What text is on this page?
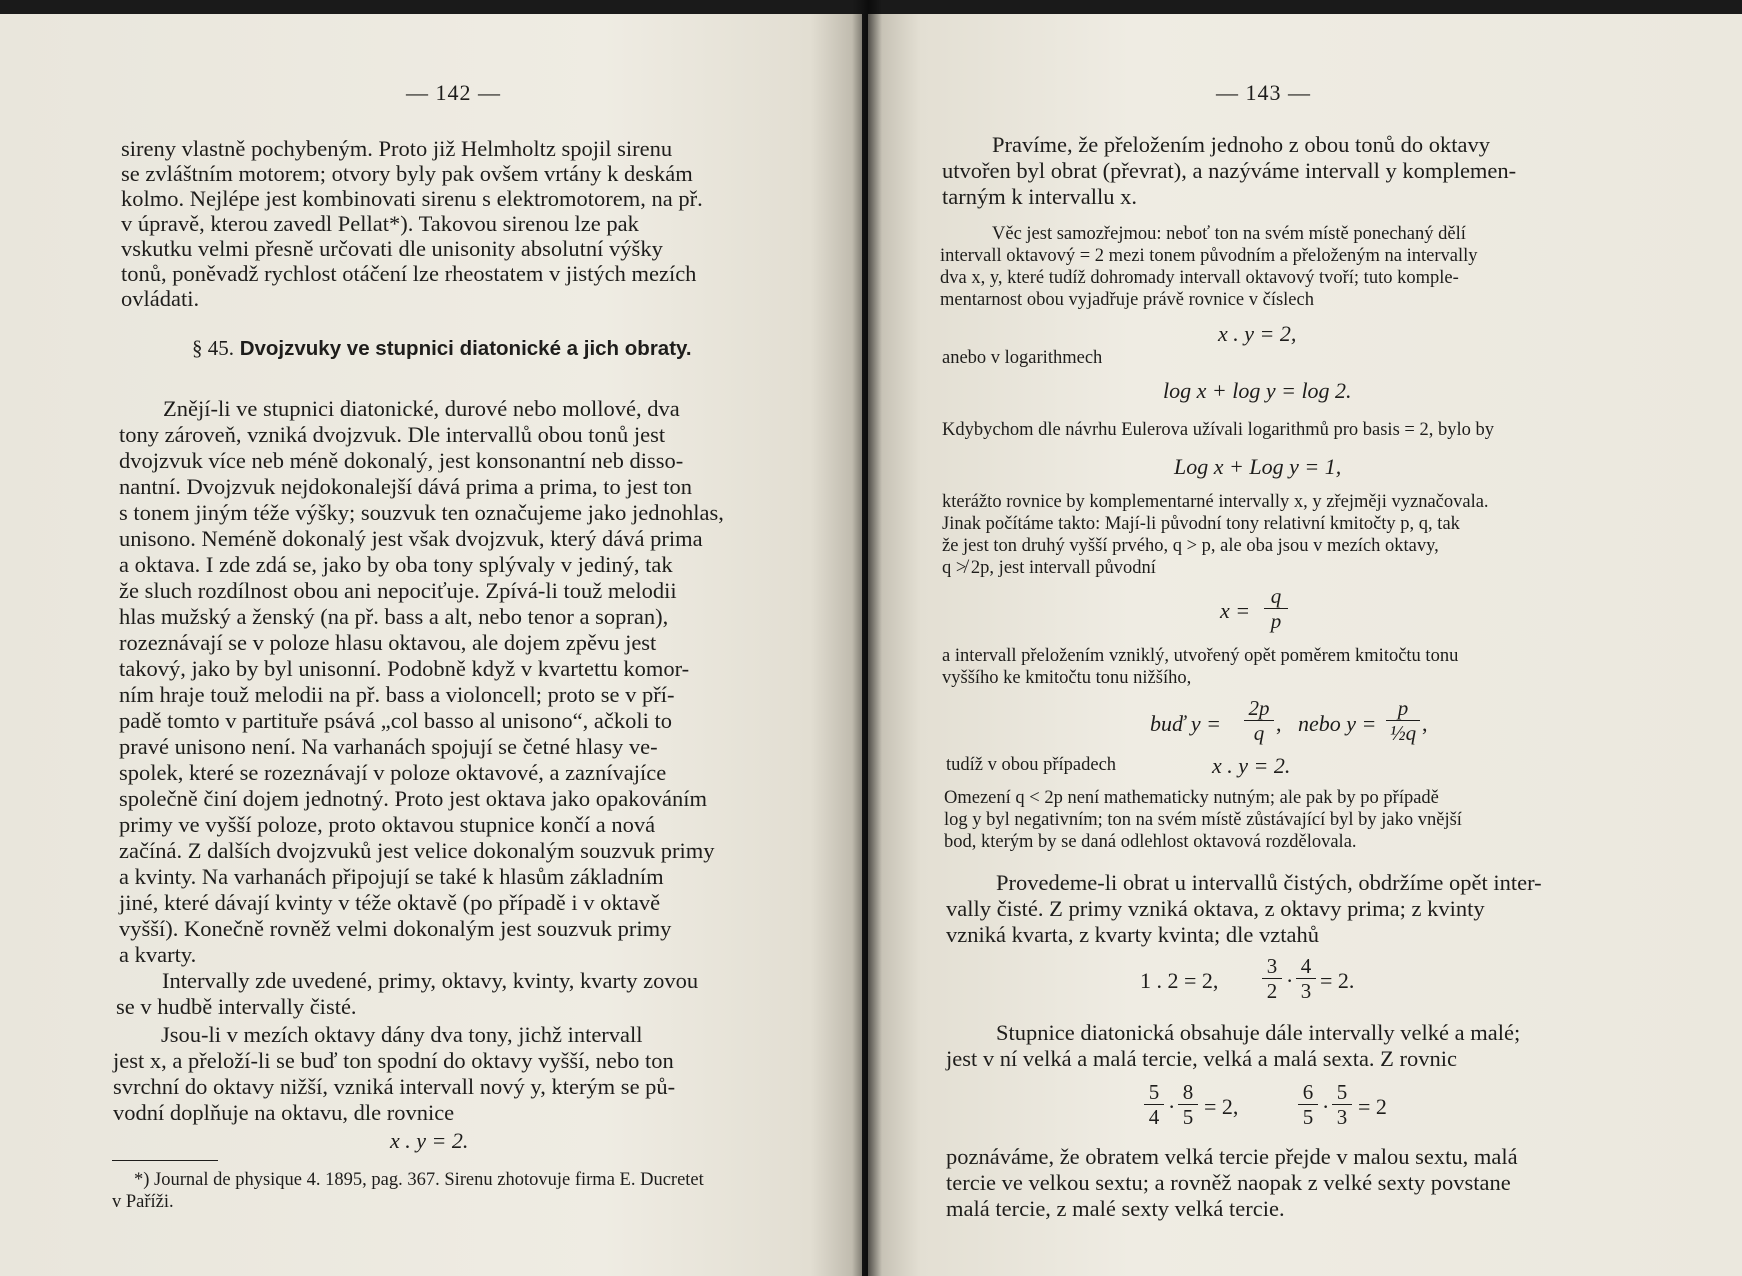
— 142 —
sireny vlastně pochybeným. Proto již Helmholtz spojil sirenu
se zvláštním motorem; otvory byly pak ovšem vrtány k deskám
kolmo. Nejlépe jest kombinovati sirenu s elektromotorem, na př.
v úpravě, kterou zavedl Pellat*). Takovou sirenou lze pak
vskutku velmi přesně určovati dle unisonity absolutní výšky
tonů, poněvadž rychlost otáčení lze rheostatem v jistých mezích
ovládati.
§ 45. Dvojzvuky ve stupnici diatonické a jich obraty.
Znějí-li ve stupnici diatonické, durové nebo mollové, dva
tony zároveň, vzniká dvojzvuk. Dle intervallů obou tonů jest
dvojzvuk více neb méně dokonalý, jest konsonantní neb disso-
nantní. Dvojzvuk nejdokonalejší dává prima a prima, to jest ton
s tonem jiným téže výšky; souzvuk ten označujeme jako jednohlas,
unisono. Neméně dokonalý jest však dvojzvuk, který dává prima
a oktava. I zde zdá se, jako by oba tony splývaly v jediný, tak
že sluch rozdílnost obou ani nepociťuje. Zpívá-li touž melodii
hlas mužský a ženský (na př. bass a alt, nebo tenor a sopran),
rozeznávají se v poloze hlasu oktavou, ale dojem zpěvu jest
takový, jako by byl unisonní. Podobně když v kvartettu komor-
ním hraje touž melodii na př. bass a violoncell; proto se v pří-
padě tomto v partituře psává „col basso al unisono“, ačkoli to
pravé unisono není. Na varhanách spojují se četné hlasy ve-
spolek, které se rozeznávají v poloze oktavové, a zaznívajíce
společně činí dojem jednotný. Proto jest oktava jako opakováním
primy ve vyšší poloze, proto oktavou stupnice končí a nová
začíná. Z dalších dvojzvuků jest velice dokonalým souzvuk primy
a kvinty. Na varhanách připojují se také k hlasům základním
jiné, které dávají kvinty v téže oktavě (po případě i v oktavě
vyšší). Konečně rovněž velmi dokonalým jest souzvuk primy
a kvarty.
Intervally zde uvedené, primy, oktavy, kvinty, kvarty zovou
se v hudbě intervally čisté.
Jsou-li v mezích oktavy dány dva tony, jichž intervall
jest x, a přeloží-li se buď ton spodní do oktavy vyšší, nebo ton
svrchní do oktavy nižší, vzniká intervall nový y, kterým se pů-
vodní doplňuje na oktavu, dle rovnice
x . y = 2.
*) Journal de physique 4. 1895, pag. 367. Sirenu zhotovuje firma E. Ducretet
v Paříži.
— 143 —
Pravíme, že přeložením jednoho z obou tonů do oktavy
utvořen byl obrat (převrat), a nazýváme intervall y komplemen-
tarným k intervallu x.
Věc jest samozřejmou: neboť ton na svém místě ponechaný dělí
intervall oktavový = 2 mezi tonem původním a přeloženým na intervally
dva x, y, které tudíž dohromady intervall oktavový tvoří; tuto komple-
mentarnost obou vyjadřuje právě rovnice v číslech
x . y = 2,
anebo v logarithmech
log x + log y = log 2.
Kdybychom dle návrhu Eulerova užívali logarithmů pro basis = 2, bylo by
Log x + Log y = 1,
kterážto rovnice by komplementarné intervally x, y zřejměji vyznačovala.
Jinak počítáme takto: Mají-li původní tony relativní kmitočty p, q, tak
že jest ton druhý vyšší prvého, q > p, ale oba jsou v mezích oktavy,
q ≯ 2p, jest intervall původní
$x = \frac{q}{p}$
a intervall přeložením vzniklý, utvořený opět poměrem kmitočtu tonu
vyššího ke kmitočtu tonu nižšího,
buď $y = \frac{2p}{q}$ , nebo $y = \frac{p}{\text{½q}}$ ,
tudíž v obou případech	x . y = 2.
Omezení q < 2p není mathematicky nutným; ale pak by po případě
log y byl negativním; ton na svém místě zůstávající byl by jako vnější
bod, kterým by se daná odlehlost oktavová rozdělovala.
Provedeme-li obrat u intervallů čistých, obdržíme opět inter-
vally čisté. Z primy vzniká oktava, z oktavy prima; z kvinty
vzniká kvarta, z kvarty kvinta; dle vztahů
1 . 2 = 2, $\frac{3}{2} \cdot \frac{4}{3} = 2$.
Stupnice diatonická obsahuje dále intervally velké a malé;
jest v ní velká a malá tercie, velká a malá sexta. Z rovnic
$\frac{5}{4} \cdot \frac{8}{5} = 2$,	$\frac{6}{5} \cdot \frac{5}{3} = 2$
poznáváme, že obratem velká tercie přejde v malou sextu, malá
tercie ve velkou sextu; a rovněž naopak z velké sexty povstane
malá tercie, z malé sexty velká tercie.
